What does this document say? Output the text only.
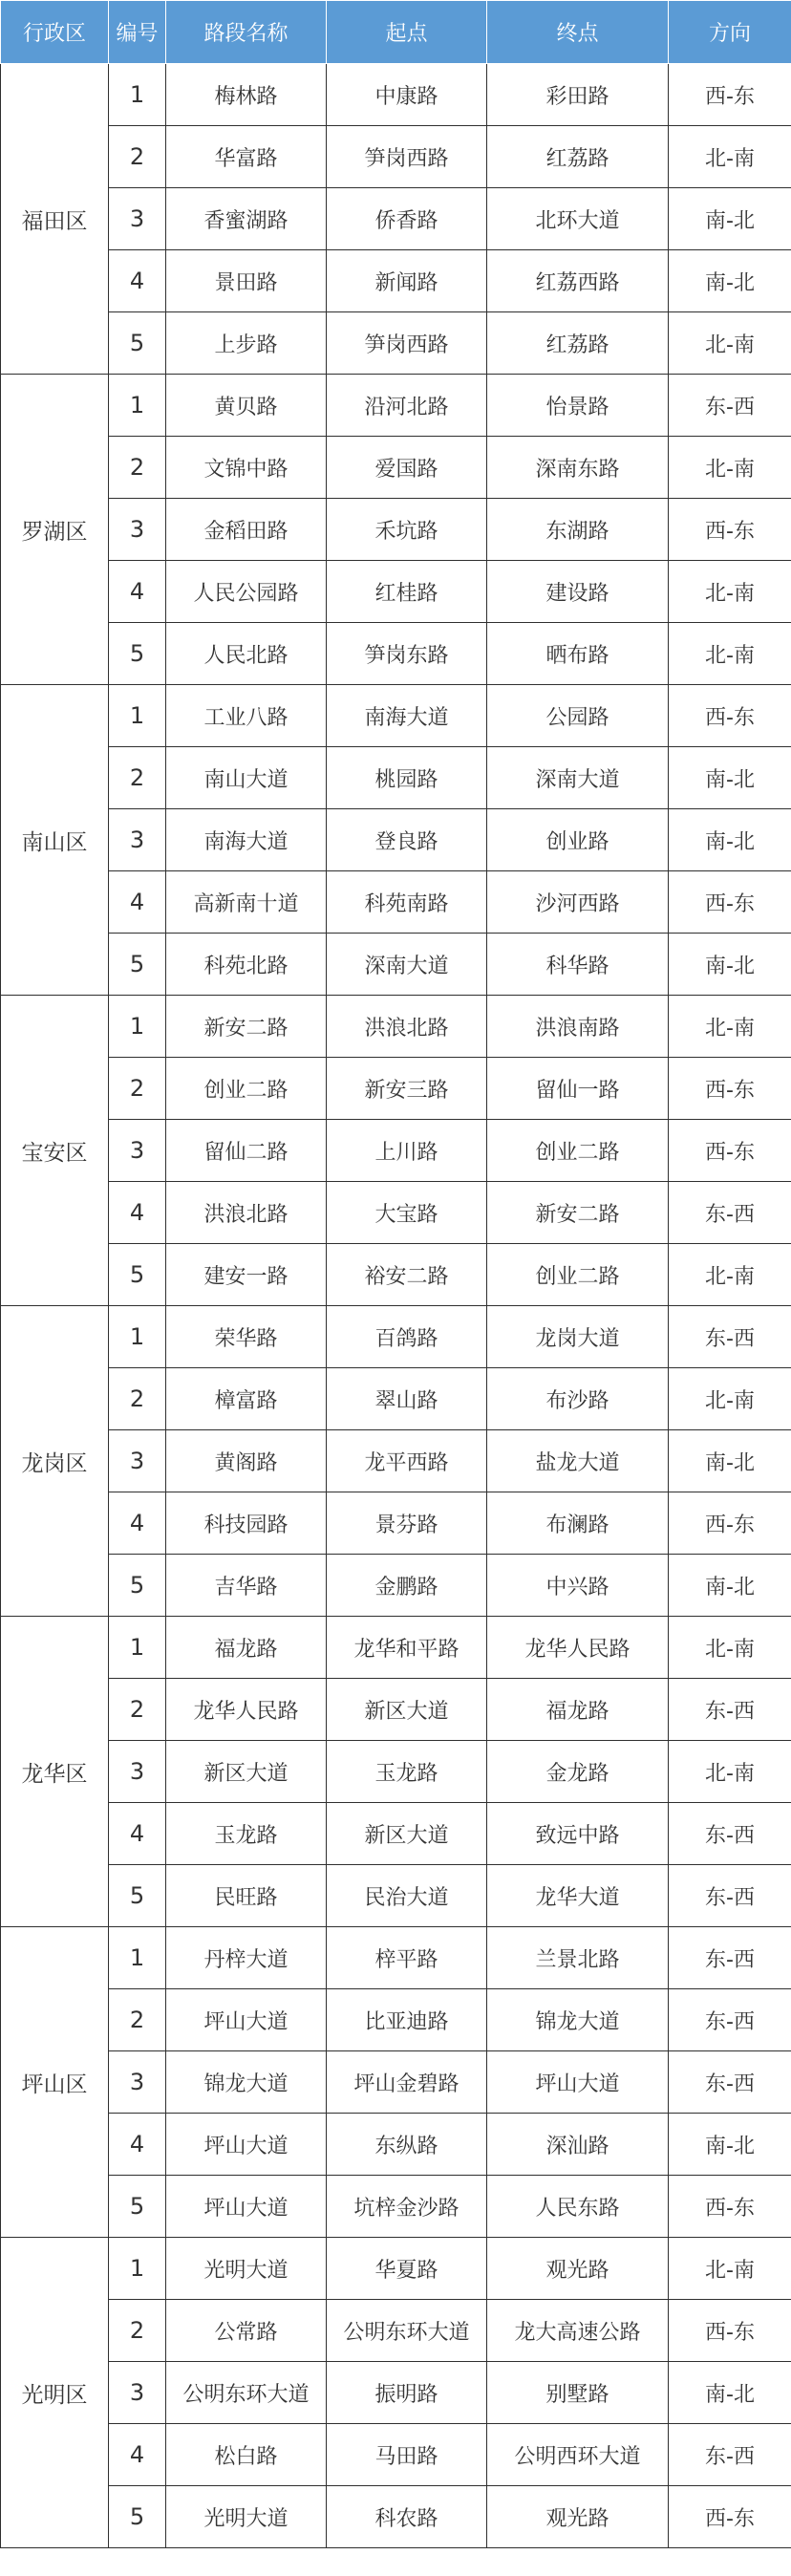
行政区	编号	路段名称	起点	终点	方向
福田区	1	梅林路	中康路	彩田路	西-东
	2	华富路	笋岗西路	红荔路	北-南
	3	香蜜湖路	侨香路	北环大道	南-北
	4	景田路	新闻路	红荔西路	南-北
	5	上步路	笋岗西路	红荔路	北-南
罗湖区	1	黄贝路	沿河北路	怡景路	东-西
	2	文锦中路	爱国路	深南东路	北-南
	3	金稻田路	禾坑路	东湖路	西-东
	4	人民公园路	红桂路	建设路	北-南
	5	人民北路	笋岗东路	晒布路	北-南
南山区	1	工业八路	南海大道	公园路	西-东
	2	南山大道	桃园路	深南大道	南-北
	3	南海大道	登良路	创业路	南-北
	4	高新南十道	科苑南路	沙河西路	西-东
	5	科苑北路	深南大道	科华路	南-北
宝安区	1	新安二路	洪浪北路	洪浪南路	北-南
	2	创业二路	新安三路	留仙一路	西-东
	3	留仙二路	上川路	创业二路	西-东
	4	洪浪北路	大宝路	新安二路	东-西
	5	建安一路	裕安二路	创业二路	北-南
龙岗区	1	荣华路	百鸽路	龙岗大道	东-西
	2	樟富路	翠山路	布沙路	北-南
	3	黄阁路	龙平西路	盐龙大道	南-北
	4	科技园路	景芬路	布澜路	西-东
	5	吉华路	金鹏路	中兴路	南-北
龙华区	1	福龙路	龙华和平路	龙华人民路	北-南
	2	龙华人民路	新区大道	福龙路	东-西
	3	新区大道	玉龙路	金龙路	北-南
	4	玉龙路	新区大道	致远中路	东-西
	5	民旺路	民治大道	龙华大道	东-西
坪山区	1	丹梓大道	梓平路	兰景北路	东-西
	2	坪山大道	比亚迪路	锦龙大道	东-西
	3	锦龙大道	坪山金碧路	坪山大道	东-西
	4	坪山大道	东纵路	深汕路	南-北
	5	坪山大道	坑梓金沙路	人民东路	西-东
光明区	1	光明大道	华夏路	观光路	北-南
	2	公常路	公明东环大道	龙大高速公路	西-东
	3	公明东环大道	振明路	别墅路	南-北
	4	松白路	马田路	公明西环大道	东-西
	5	光明大道	科农路	观光路	西-东
